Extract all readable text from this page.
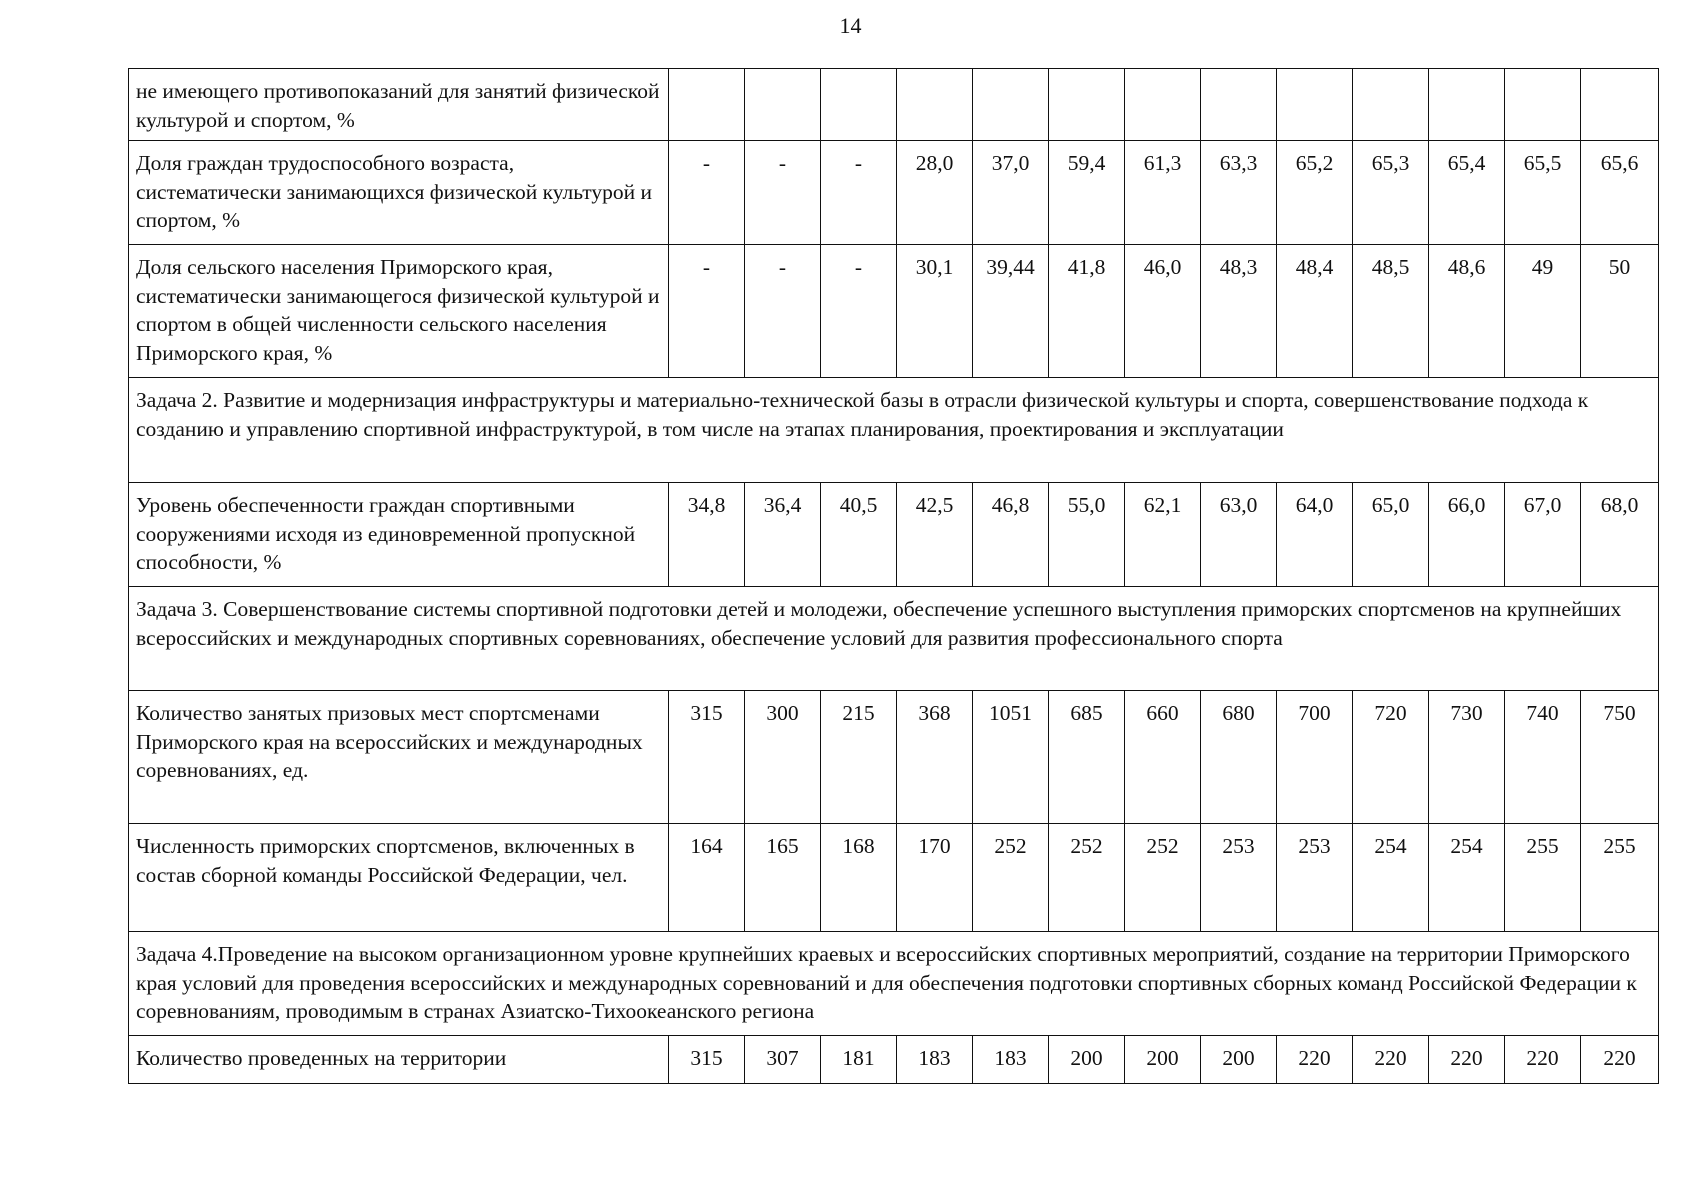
14
не имеющего противопоказаний для занятий физической культурой и спортом, %													
Доля граждан трудоспособного возраста, систематически занимающихся физической культурой и спортом, %	-	-	-	28,0	37,0	59,4	61,3	63,3	65,2	65,3	65,4	65,5	65,6
Доля сельского населения Приморского края, систематически занимающегося физической культурой и спортом в общей численности сельского населения Приморского края, %	-	-	-	30,1	39,44	41,8	46,0	48,3	48,4	48,5	48,6	49	50
Задача 2. Развитие и модернизация инфраструктуры и материально-технической базы в отрасли физической культуры и спорта, совершенствование подхода к созданию и управлению спортивной инфраструктурой, в том числе на этапах планирования, проектирования и эксплуатации													
Уровень обеспеченности граждан спортивными сооружениями исходя из единовременной пропускной способности, %	34,8	36,4	40,5	42,5	46,8	55,0	62,1	63,0	64,0	65,0	66,0	67,0	68,0
Задача 3. Совершенствование системы спортивной подготовки детей и молодежи, обеспечение успешного выступления приморских спортсменов на крупнейших всероссийских и международных спортивных соревнованиях, обеспечение условий для развития профессионального спорта													
Количество занятых призовых мест спортсменами Приморского края на всероссийских и международных соревнованиях, ед.	315	300	215	368	1051	685	660	680	700	720	730	740	750
Численность приморских спортсменов, включенных в состав сборной команды Российской Федерации, чел.	164	165	168	170	252	252	252	253	253	254	254	255	255
Задача 4.Проведение на высоком организационном уровне крупнейших краевых и всероссийских спортивных мероприятий, создание на территории Приморского края условий для проведения всероссийских и международных соревнований и для обеспечения подготовки спортивных сборных команд Российской Федерации к соревнованиям, проводимым в странах Азиатско-Тихоокеанского региона													
Количество проведенных на территории	315	307	181	183	183	200	200	200	220	220	220	220	220
